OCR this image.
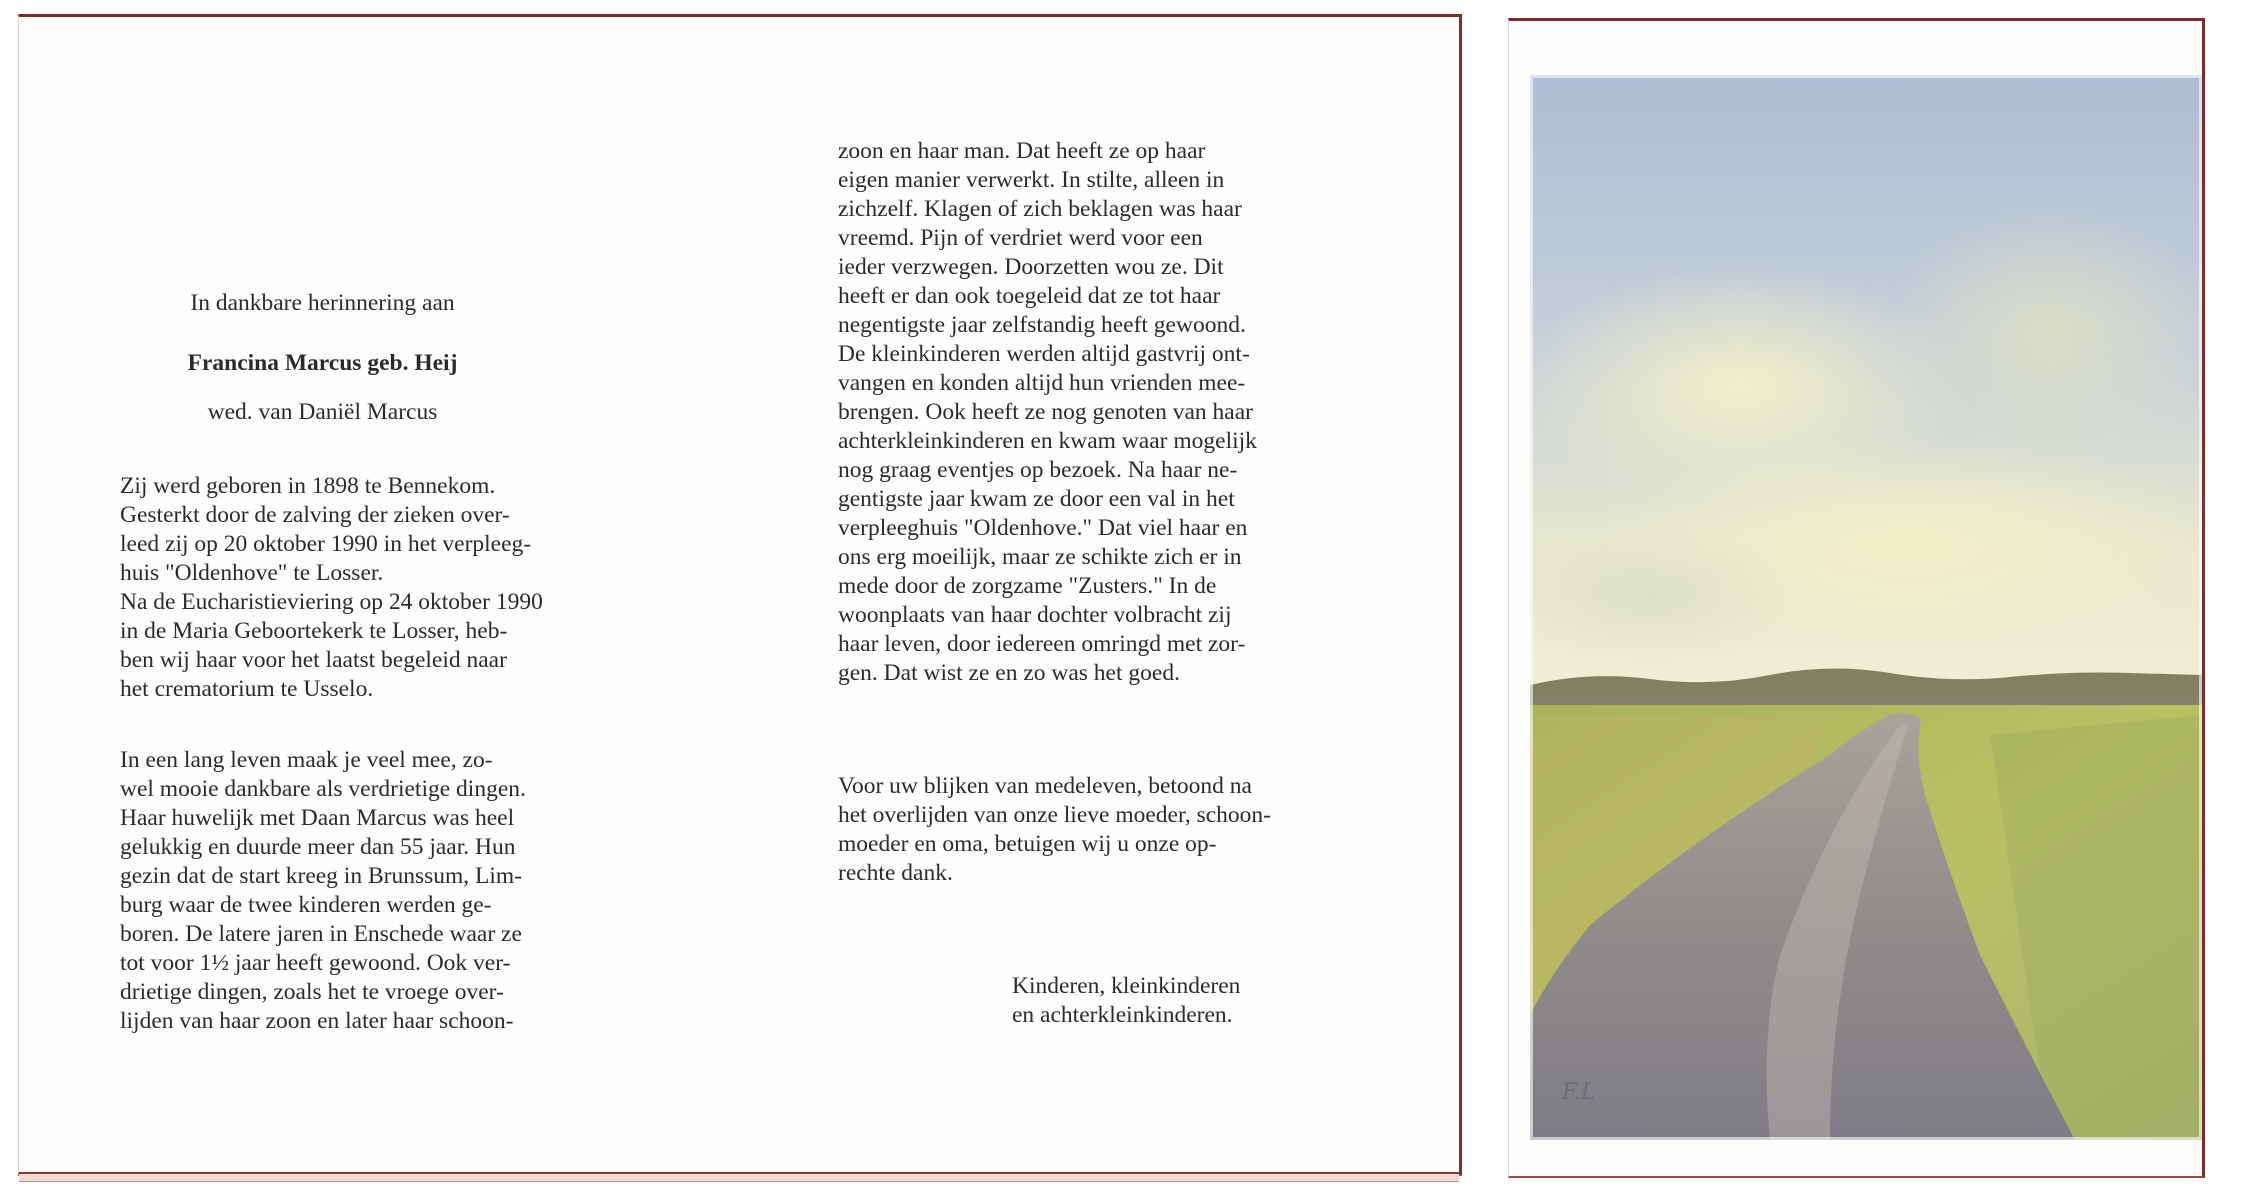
In dankbare herinnering aan
Francina Marcus geb. Heij
wed. van Daniël Marcus

Zij werd geboren in 1898 te Bennekom.

Gesterkt door de zalving der zieken over-

leed zij op 20 oktober 1990 in het verpleeg-

huis "Oldenhove" te Losser.

Na de Eucharistieviering op 24 oktober 1990

in de Maria Geboortekerk te Losser, heb-

ben wij haar voor het laatst begeleid naar

het crematorium te Usselo.

In een lang leven maak je veel mee, zo-

wel mooie dankbare als verdrietige dingen.

Haar huwelijk met Daan Marcus was heel

gelukkig en duurde meer dan 55 jaar. Hun

gezin dat de start kreeg in Brunssum, Lim-

burg waar de twee kinderen werden ge-

boren. De latere jaren in Enschede waar ze

tot voor 1½ jaar heeft gewoond. Ook ver-

drietige dingen, zoals het te vroege over-

lijden van haar zoon en later haar schoon-

zoon en haar man. Dat heeft ze op haar

eigen manier verwerkt. In stilte, alleen in

zichzelf. Klagen of zich beklagen was haar

vreemd. Pijn of verdriet werd voor een

ieder verzwegen. Doorzetten wou ze. Dit

heeft er dan ook toegeleid dat ze tot haar

negentigste jaar zelfstandig heeft gewoond.

De kleinkinderen werden altijd gastvrij ont-

vangen en konden altijd hun vrienden mee-

brengen. Ook heeft ze nog genoten van haar

achterkleinkinderen en kwam waar mogelijk

nog graag eventjes op bezoek. Na haar ne-

gentigste jaar kwam ze door een val in het

verpleeghuis "Oldenhove." Dat viel haar en

ons erg moeilijk, maar ze schikte zich er in

mede door de zorgzame "Zusters." In de

woonplaats van haar dochter volbracht zij

haar leven, door iedereen omringd met zor-

gen. Dat wist ze en zo was het goed.

Voor uw blijken van medeleven, betoond na

het overlijden van onze lieve moeder, schoon-

moeder en oma, betuigen wij u onze op-

rechte dank.

Kinderen, kleinkinderen
en achterkleinkinderen.
F.L
